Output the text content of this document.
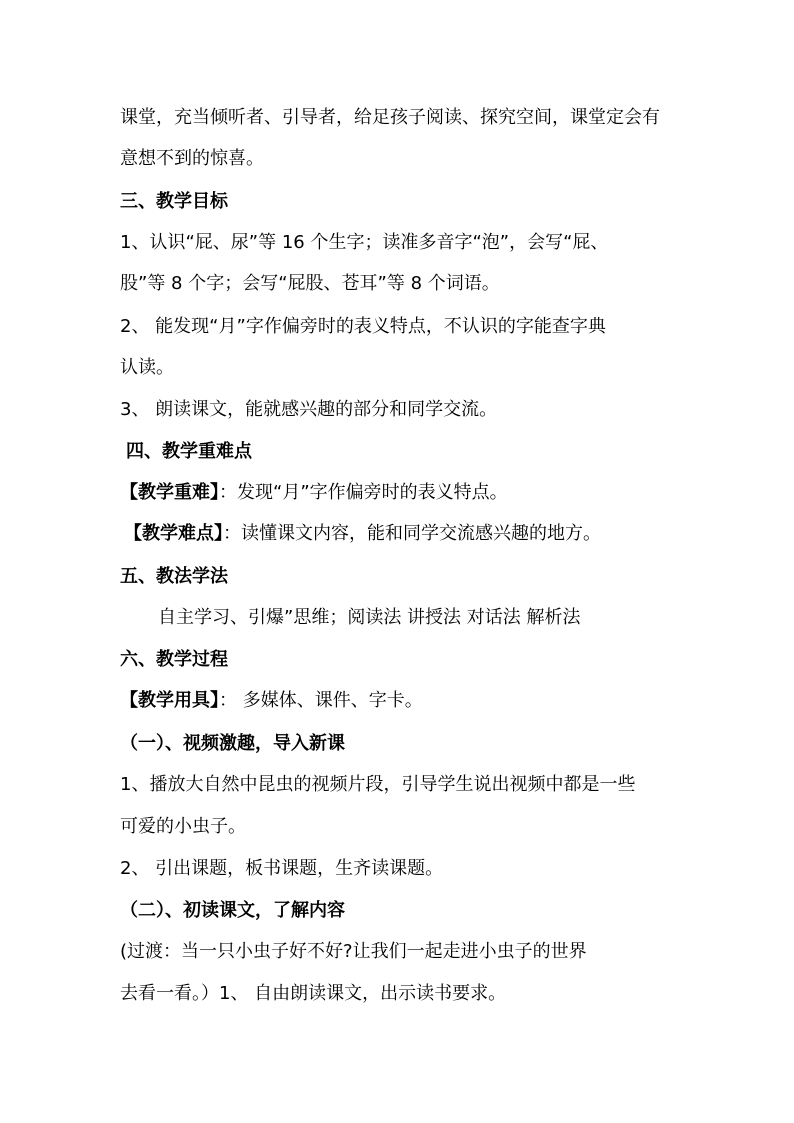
课堂，充当倾听者、引导者，给足孩子阅读、探究空间，课堂定会有
意想不到的惊喜。
三、教学目标
1、认识“屁、尿”等 16 个生字；读准多音字“泡”，会写“屁、
股”等 8 个字；会写“屁股、苍耳”等 8 个词语。
2、 能发现“月”字作偏旁时的表义特点，不认识的字能查字典
认读。
3、 朗读课文，能就感兴趣的部分和同学交流。
四、教学重难点
【教学重难】：发现“月”字作偏旁时的表义特点。
【教学难点】：读懂课文内容，能和同学交流感兴趣的地方。
五、教法学法
自主学习、引爆”思维；阅读法 讲授法 对话法 解析法
六、教学过程
【教学用具】： 多媒体、课件、字卡。
（一）、视频激趣，导入新课
1、播放大自然中昆虫的视频片段，引导学生说出视频中都是一些
可爱的小虫子。
2、 引出课题，板书课题，生齐读课题。
（二）、初读课文，了解内容
(过渡：当一只小虫子好不好?让我们一起走进小虫子的世界
去看一看。）1、 自由朗读课文，出示读书要求。
